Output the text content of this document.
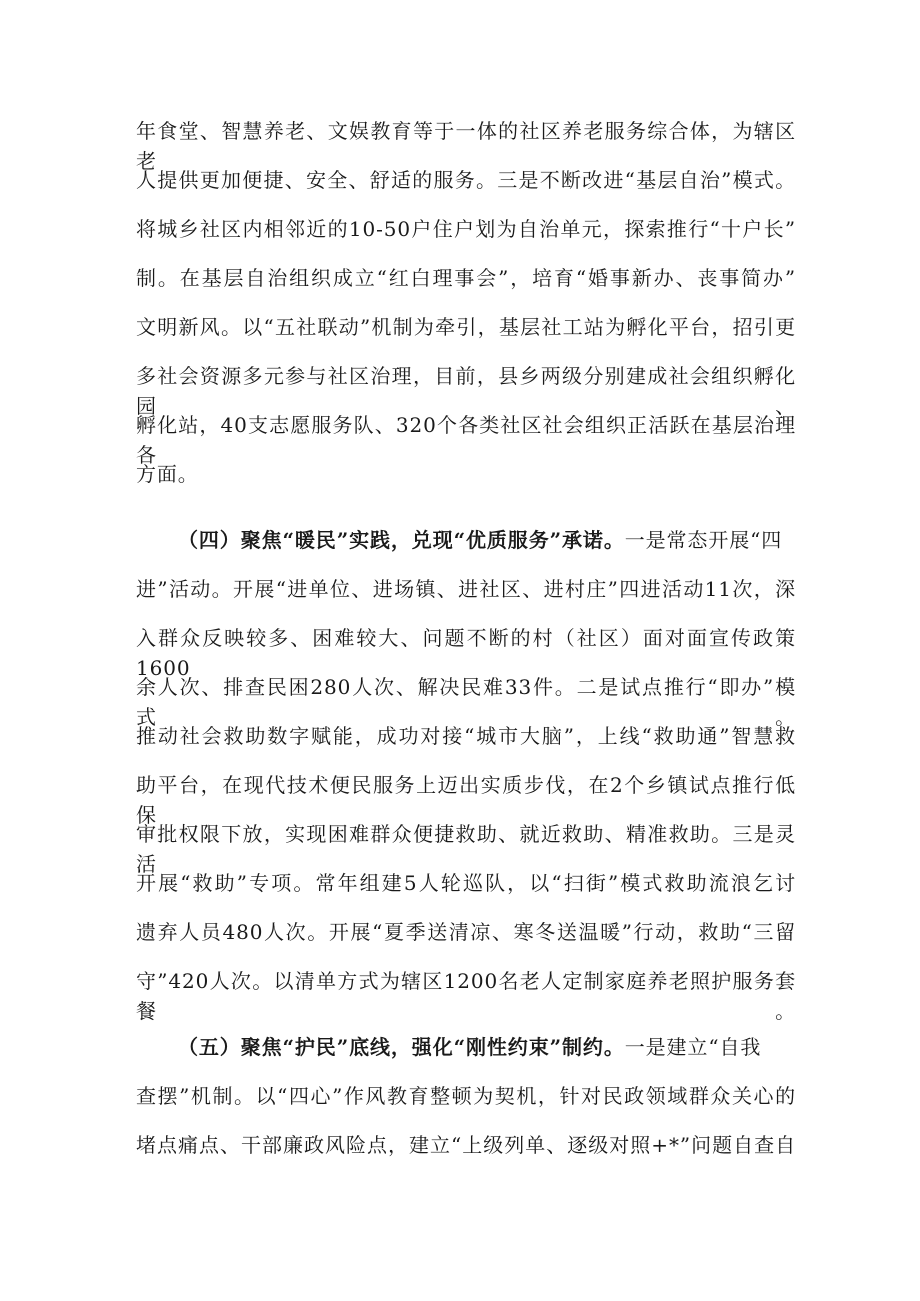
年食堂、智慧养老、文娱教育等于一体的社区养老服务综合体，为辖区老
人提供更加便捷、安全、舒适的服务。三是不断改进“基层自治”模式。
将城乡社区内相邻近的10-50户住户划为自治单元，探索推行“十户长”
制。在基层自治组织成立“红白理事会”，培育“婚事新办、丧事简办”
文明新风。以“五社联动”机制为牵引，基层社工站为孵化平台，招引更
多社会资源多元参与社区治理，目前，县乡两级分别建成社会组织孵化园、
孵化站，40支志愿服务队、320个各类社区社会组织正活跃在基层治理各
方面。
（四）聚焦“暖民”实践，兑现“优质服务”承诺。一是常态开展“四
进”活动。开展“进单位、进场镇、进社区、进村庄”四进活动11次，深
入群众反映较多、困难较大、问题不断的村（社区）面对面宣传政策1600
余人次、排查民困280人次、解决民难33件。二是试点推行“即办”模式。
推动社会救助数字赋能，成功对接“城市大脑”，上线“救助通”智慧救
助平台，在现代技术便民服务上迈出实质步伐，在2个乡镇试点推行低保
审批权限下放，实现困难群众便捷救助、就近救助、精准救助。三是灵活
开展“救助”专项。常年组建5人轮巡队，以“扫街”模式救助流浪乞讨
遗弃人员480人次。开展“夏季送清凉、寒冬送温暖”行动，救助“三留
守”420人次。以清单方式为辖区1200名老人定制家庭养老照护服务套餐。
（五）聚焦“护民”底线，强化“刚性约束”制约。一是建立“自我
查摆”机制。以“四心”作风教育整顿为契机，针对民政领域群众关心的
堵点痛点、干部廉政风险点，建立“上级列单、逐级对照+*”问题自查自
